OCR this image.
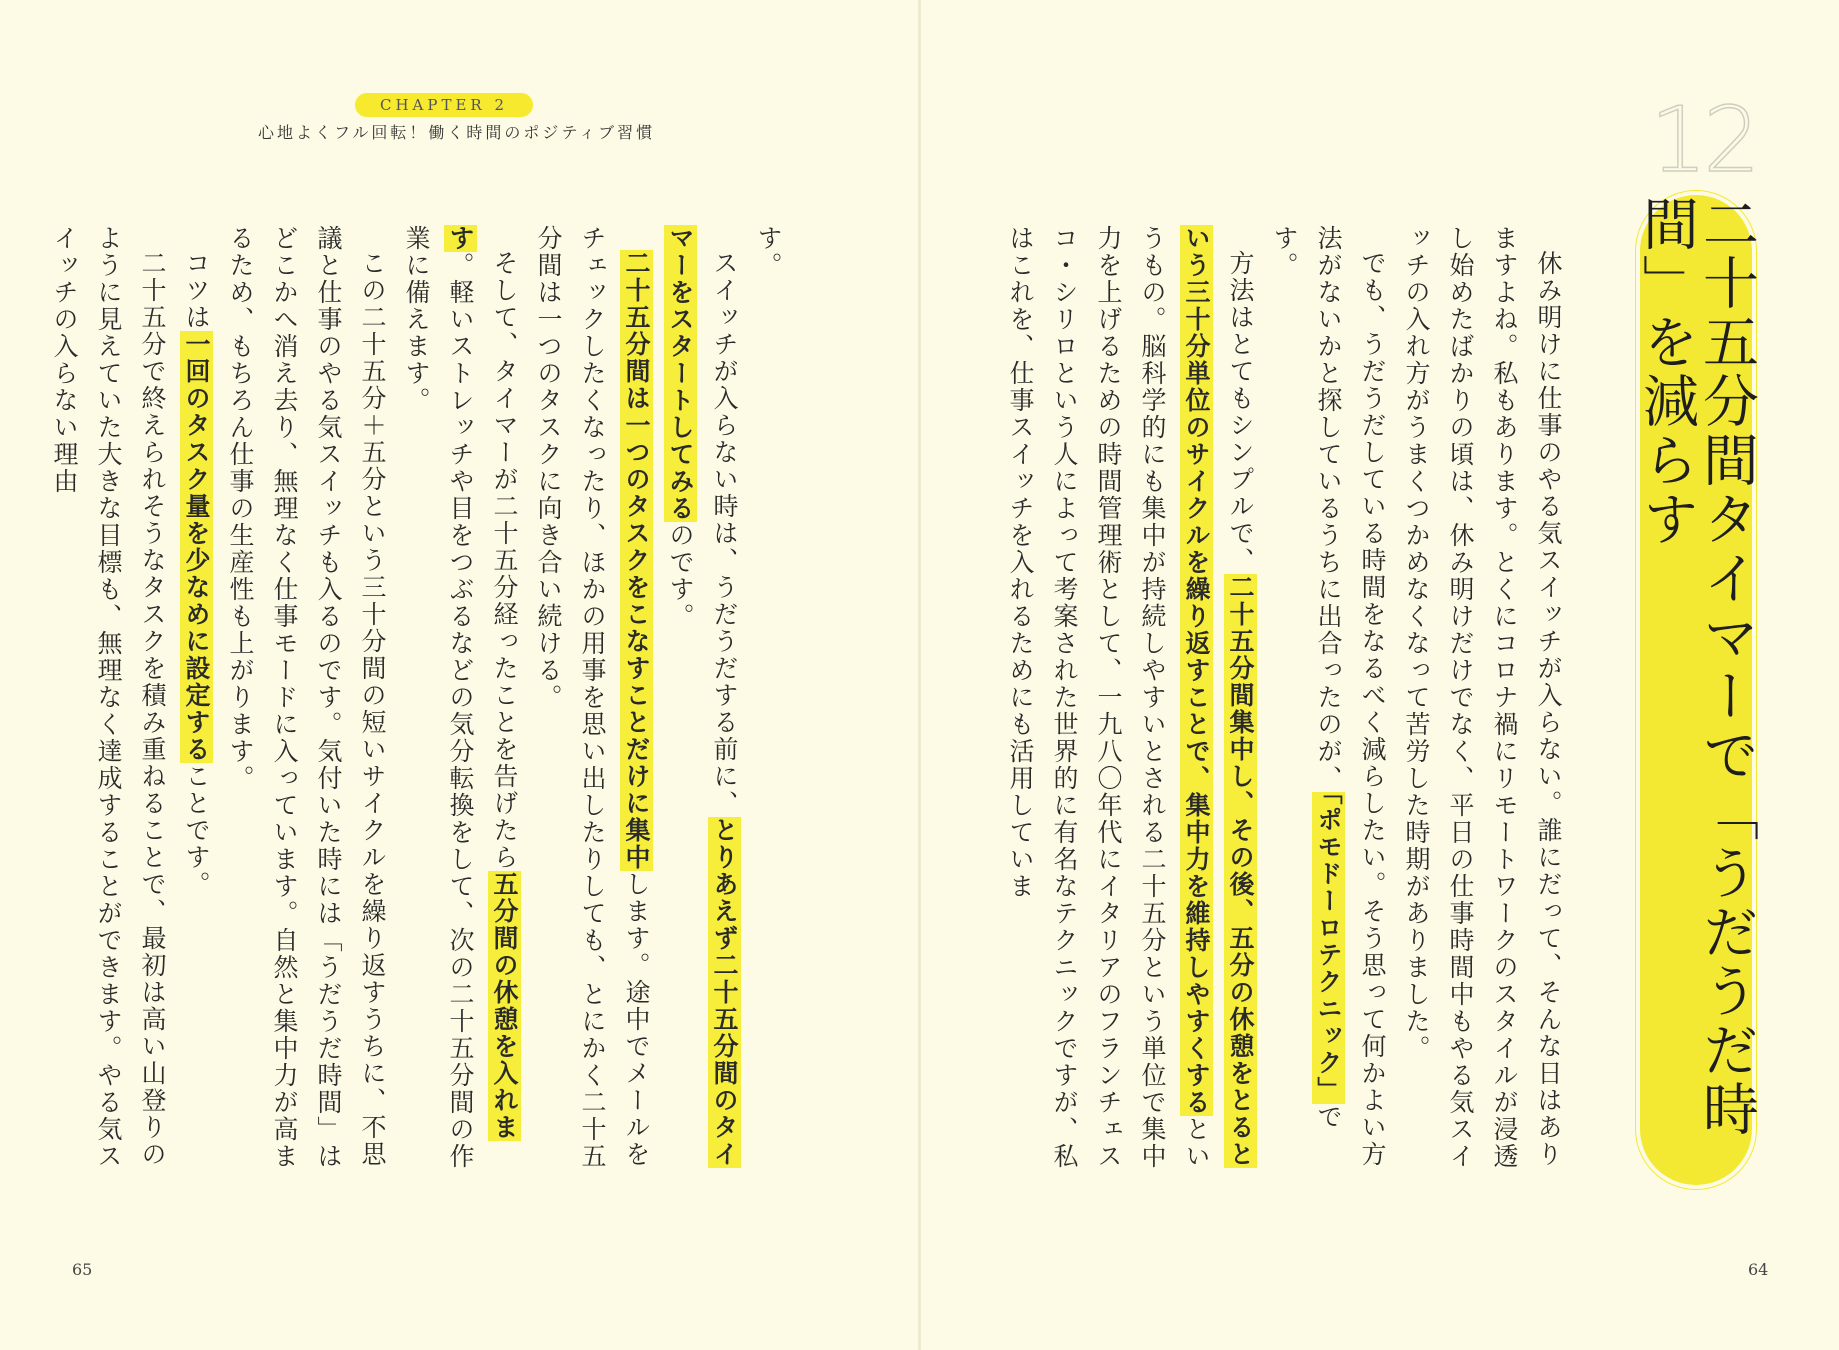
CHAPTER 2
心地よくフル回転！働く時間のポジティブ習慣	12
二十五分間タイマーで「うだうだ時間」を減らす

休み明けに仕事のやる気スイッチが入らない。誰にだって、そんな日はありますよね。私もあります。とくにコロナ禍にリモートワークのスタイルが浸透し始めたばかりの頃は、休み明けだけでなく、平日の仕事時間中もやる気スイッチの入れ方がうまくつかめなくなって苦労した時期がありました。

でも、うだうだしている時間をなるべく減らしたい。そう思って何かよい方法がないかと探しているうちに出合ったのが、「ポモドーロテクニック」です。

方法はとてもシンプルで、二十五分間集中し、その後、五分の休憩をとるという三十分単位のサイクルを繰り返すことで、集中力を維持しやすくするというもの。脳科学的にも集中が持続しやすいとされる二十五分という単位で集中力を上げるための時間管理術として、一九八〇年代にイタリアのフランチェスコ・シリロという人によって考案された世界的に有名なテクニックですが、私はこれを、仕事スイッチを入れるためにも活用していま

す。

スイッチが入らない時は、うだうだする前に、とりあえず二十五分間のタイマーをスタートしてみるのです。

二十五分間は一つのタスクをこなすことだけに集中します。途中でメールをチェックしたくなったり、ほかの用事を思い出したりしても、とにかく二十五分間は一つのタスクに向き合い続ける。

そして、タイマーが二十五分経ったことを告げたら五分間の休憩を入れます。軽いストレッチや目をつぶるなどの気分転換をして、次の二十五分間の作業に備えます。

この二十五分＋五分という三十分間の短いサイクルを繰り返すうちに、不思議と仕事のやる気スイッチも入るのです。気付いた時には「うだうだ時間」はどこかへ消え去り、無理なく仕事モードに入っています。自然と集中力が高まるため、もちろん仕事の生産性も上がります。

コツは一回のタスク量を少なめに設定することです。

二十五分で終えられそうなタスクを積み重ねることで、最初は高い山登りのように見えていた大きな目標も、無理なく達成することができます。やる気スイッチの入らない理由

65	64
